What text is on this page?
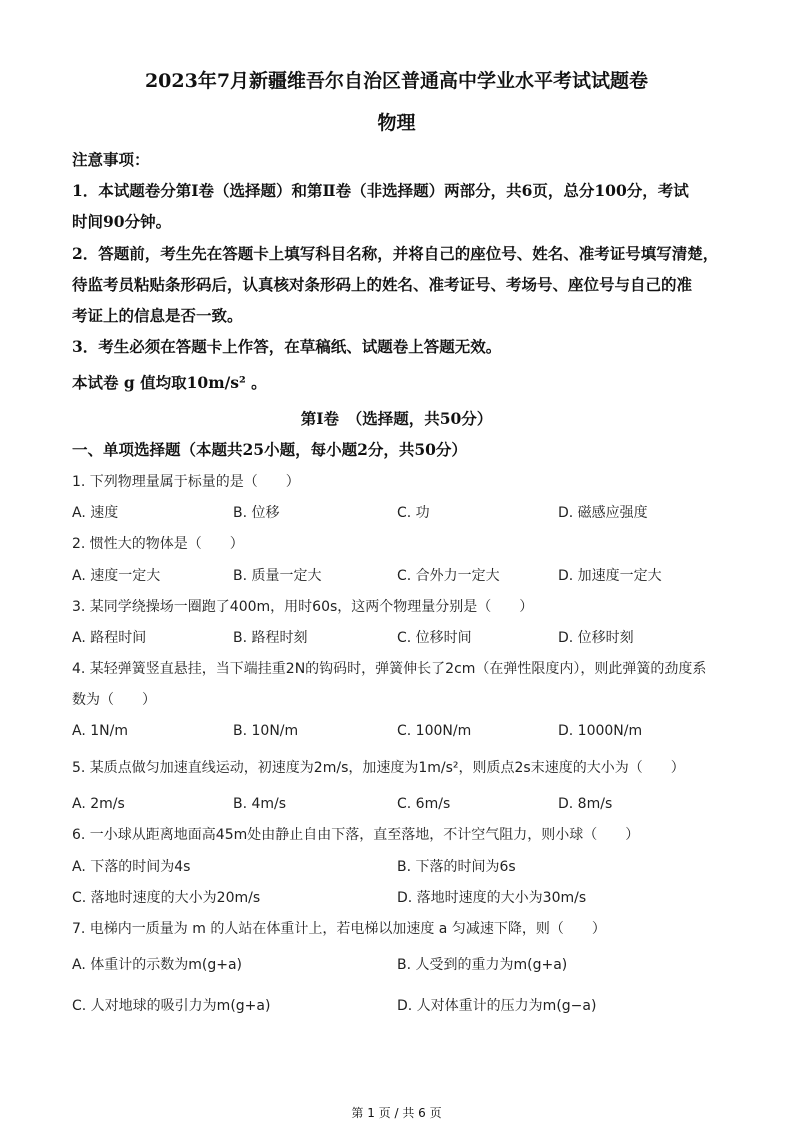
2023年7月新疆维吾尔自治区普通高中学业水平考试试题卷
物理
注意事项：
1．本试题卷分第Ⅰ卷（选择题）和第Ⅱ卷（非选择题）两部分，共6页，总分100分，考试
时间90分钟。
2．答题前，考生先在答题卡上填写科目名称，并将自己的座位号、姓名、准考证号填写清楚，
待监考员粘贴条形码后，认真核对条形码上的姓名、准考证号、考场号、座位号与自己的准
考证上的信息是否一致。
3．考生必须在答题卡上作答，在草稿纸、试题卷上答题无效。
本试卷 g 值均取10m/s² 。
第Ⅰ卷　（选择题，共50分）
一、单项选择题（本题共25小题，每小题2分，共50分）
1. 下列物理量属于标量的是（　　）
A. 速度	B. 位移	C. 功	D. 磁感应强度
2. 惯性大的物体是（　　）
A. 速度一定大	B. 质量一定大	C. 合外力一定大	D. 加速度一定大
3. 某同学绕操场一圈跑了400m，用时60s，这两个物理量分别是（　　）
A. 路程时间	B. 路程时刻	C. 位移时间	D. 位移时刻
4. 某轻弹簧竖直悬挂，当下端挂重2N的钩码时，弹簧伸长了2cm（在弹性限度内），则此弹簧的劲度系
数为（　　）
A. 1N/m	B. 10N/m	C. 100N/m	D. 1000N/m
5. 某质点做匀加速直线运动，初速度为2m/s，加速度为1m/s²，则质点2s末速度的大小为（　　）
A. 2m/s	B. 4m/s	C. 6m/s	D. 8m/s
6. 一小球从距离地面高45m处由静止自由下落，直至落地，不计空气阻力，则小球（　　）
A. 下落的时间为4s	B. 下落的时间为6s
C. 落地时速度的大小为20m/s	D. 落地时速度的大小为30m/s
7. 电梯内一质量为 m 的人站在体重计上，若电梯以加速度 a 匀减速下降，则（　　）
A. 体重计的示数为m(g+a)	B. 人受到的重力为m(g+a)
C. 人对地球的吸引力为m(g+a)	D. 人对体重计的压力为m(g−a)
第 1 页 / 共 6 页
